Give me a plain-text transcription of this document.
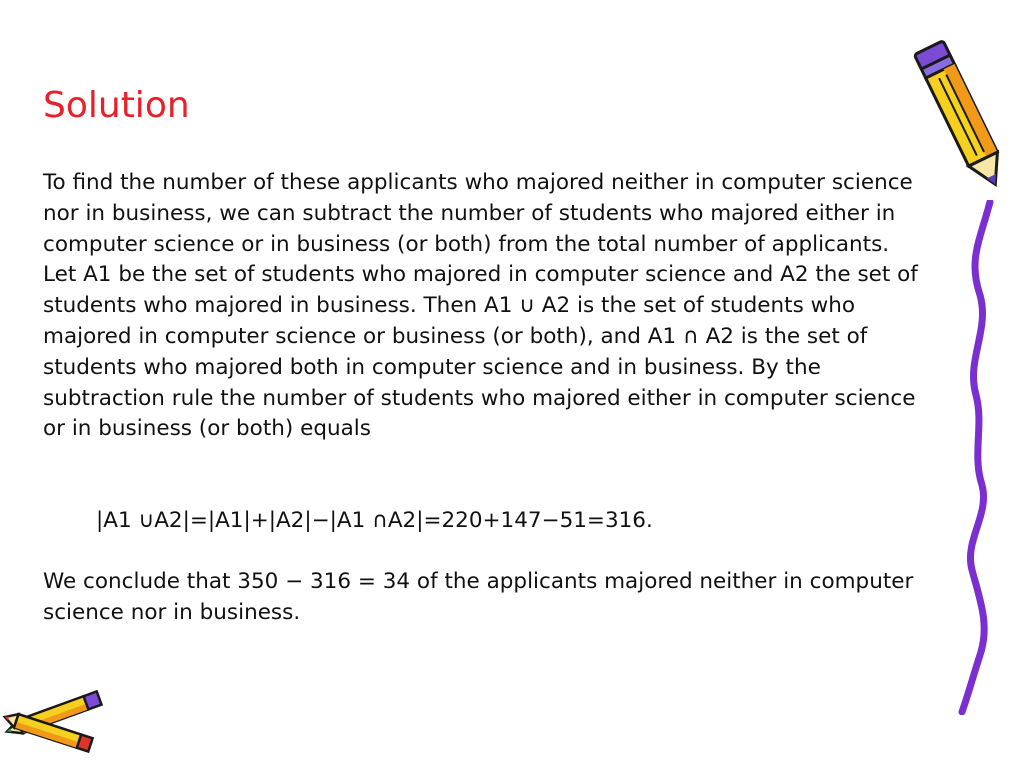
Solution

To find the number of these applicants who majored neither in computer science nor in business, we can subtract the number of students who majored either in computer science or in business (or both) from the total number of applicants. Let A1 be the set of students who majored in computer science and A2 the set of students who majored in business. Then A1 ∪ A2 is the set of students who majored in computer science or business (or both), and A1 ∩ A2 is the set of students who majored both in computer science and in business. By the subtraction rule the number of students who majored either in computer science or in business (or both) equals

|A1 ∪A2|=|A1|+|A2|−|A1 ∩A2|=220+147−51=316.

We conclude that 350 − 316 = 34 of the applicants majored neither in computer science nor in business.
